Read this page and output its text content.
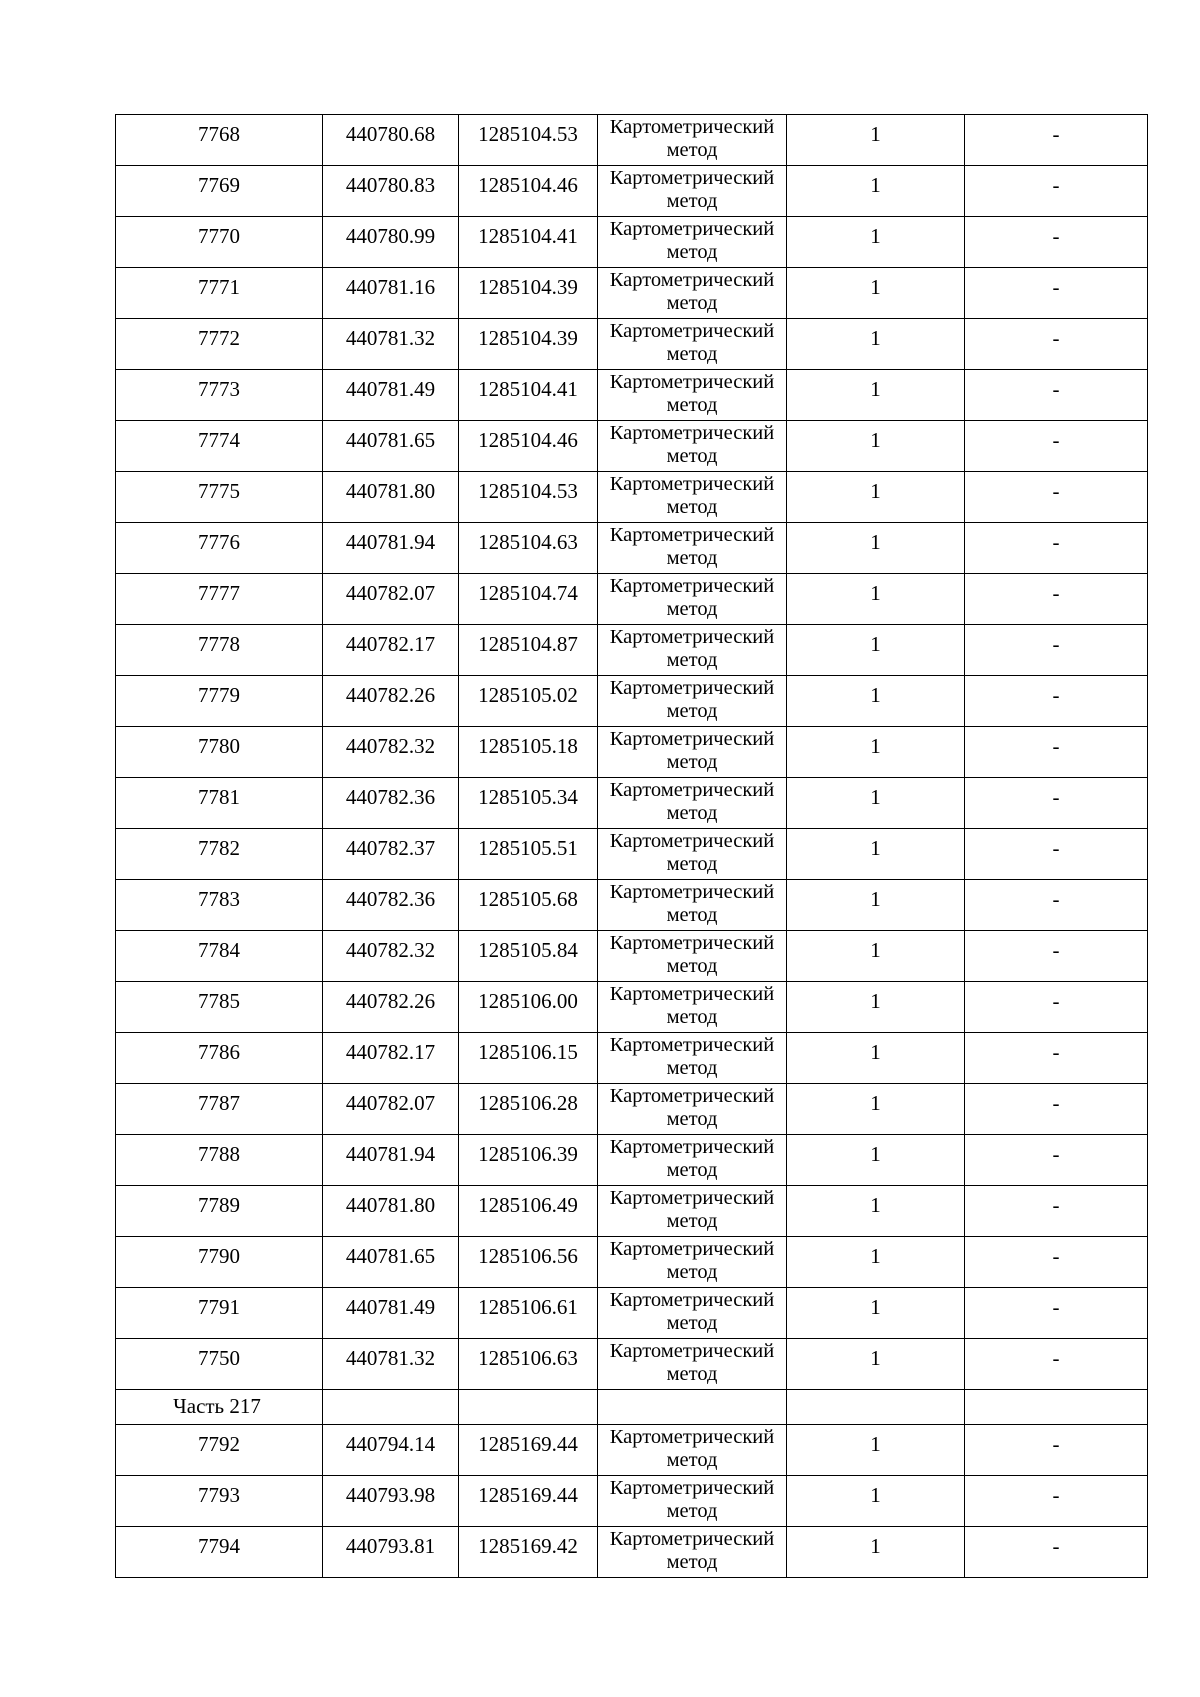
7768	440780.68	1285104.53	Картометрический
метод	1	-

7769	440780.83	1285104.46	Картометрический
метод	1	-

7770	440780.99	1285104.41	Картометрический
метод	1	-

7771	440781.16	1285104.39	Картометрический
метод	1	-

7772	440781.32	1285104.39	Картометрический
метод	1	-

7773	440781.49	1285104.41	Картометрический
метод	1	-

7774	440781.65	1285104.46	Картометрический
метод	1	-

7775	440781.80	1285104.53	Картометрический
метод	1	-

7776	440781.94	1285104.63	Картометрический
метод	1	-

7777	440782.07	1285104.74	Картометрический
метод	1	-

7778	440782.17	1285104.87	Картометрический
метод	1	-

7779	440782.26	1285105.02	Картометрический
метод	1	-

7780	440782.32	1285105.18	Картометрический
метод	1	-

7781	440782.36	1285105.34	Картометрический
метод	1	-

7782	440782.37	1285105.51	Картометрический
метод	1	-

7783	440782.36	1285105.68	Картометрический
метод	1	-

7784	440782.32	1285105.84	Картометрический
метод	1	-

7785	440782.26	1285106.00	Картометрический
метод	1	-

7786	440782.17	1285106.15	Картометрический
метод	1	-

7787	440782.07	1285106.28	Картометрический
метод	1	-

7788	440781.94	1285106.39	Картометрический
метод	1	-

7789	440781.80	1285106.49	Картометрический
метод	1	-

7790	440781.65	1285106.56	Картометрический
метод	1	-

7791	440781.49	1285106.61	Картометрический
метод	1	-

7750	440781.32	1285106.63	Картометрический
метод	1	-

Часть 217					

7792	440794.14	1285169.44	Картометрический
метод	1	-

7793	440793.98	1285169.44	Картометрический
метод	1	-

7794	440793.81	1285169.42	Картометрический
метод	1	-
